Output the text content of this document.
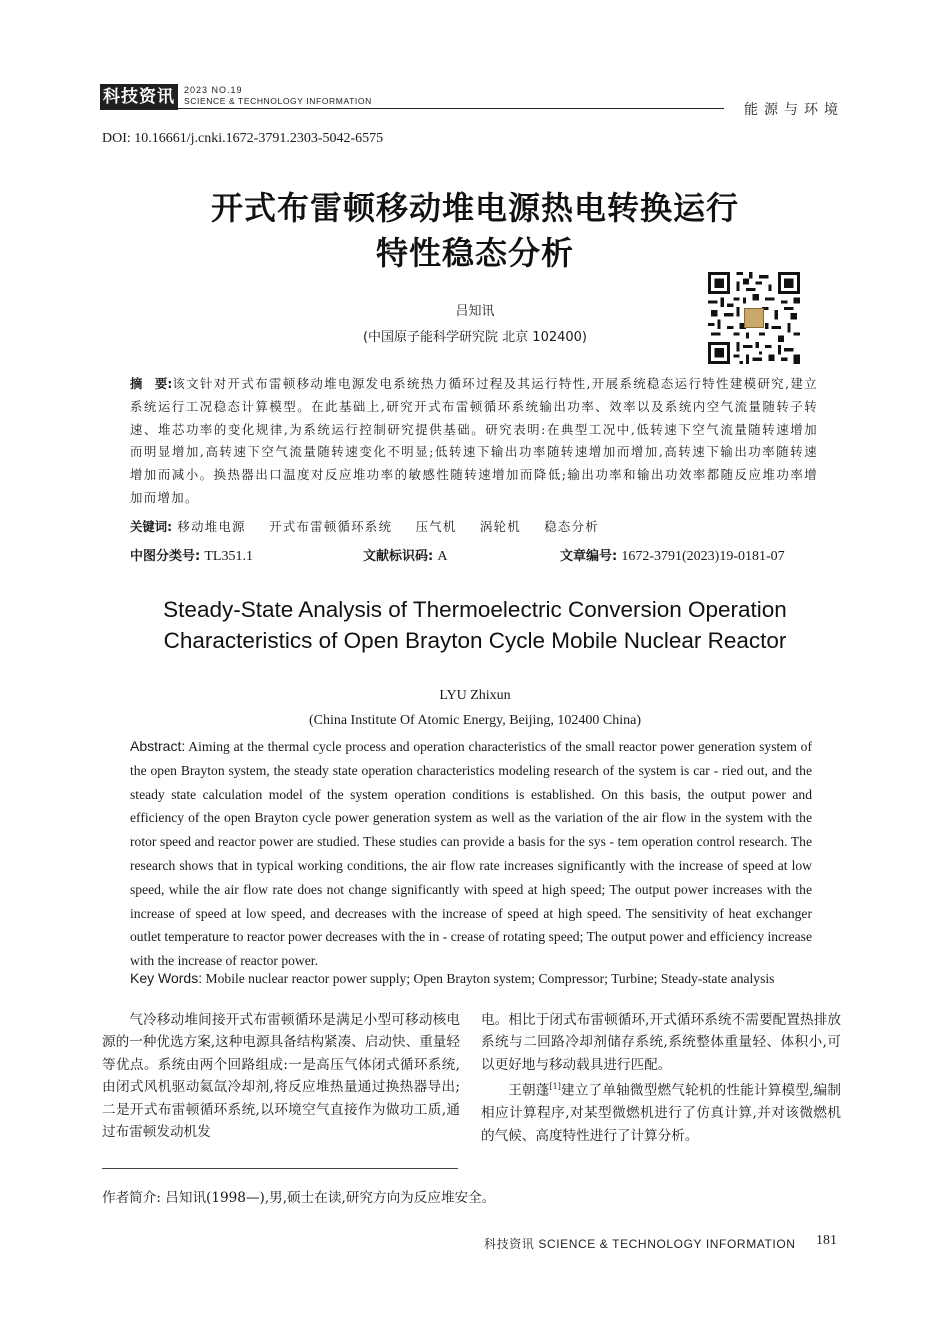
科技资讯	2023 NO.19
SCIENCE & TECHNOLOGY INFORMATION
能源与环境
DOI: 10.16661/j.cnki.1672-3791.2303-5042-6575
开式布雷顿移动堆电源热电转换运行
特性稳态分析
吕知讯
(中国原子能科学研究院 北京 102400)
摘　要:该文针对开式布雷顿移动堆电源发电系统热力循环过程及其运行特性,开展系统稳态运行特性建模研究,建立系统运行工况稳态计算模型。在此基础上,研究开式布雷顿循环系统输出功率、效率以及系统内空气流量随转子转速、堆芯功率的变化规律,为系统运行控制研究提供基础。研究表明:在典型工况中,低转速下空气流量随转速增加而明显增加,高转速下空气流量随转速变化不明显;低转速下输出功率随转速增加而增加,高转速下输出功率随转速增加而减小。换热器出口温度对反应堆功率的敏感性随转速增加而降低;输出功率和输出功效率都随反应堆功率增加而增加。
关键词: 移动堆电源 开式布雷顿循环系统 压气机 涡轮机 稳态分析
中图分类号: TL351.1	文献标识码: A	文章编号: 1672-3791(2023)19-0181-07
Steady-State Analysis of Thermoelectric Conversion Operation
Characteristics of Open Brayton Cycle Mobile Nuclear Reactor
LYU Zhixun
(China Institute Of Atomic Energy, Beijing, 102400 China)
Abstract: Aiming at the thermal cycle process and operation characteristics of the small reactor power generation system of the open Brayton system, the steady state operation characteristics modeling research of the system is car - ried out, and the steady state calculation model of the system operation conditions is established. On this basis, the output power and efficiency of the open Brayton cycle power generation system as well as the variation of the air flow in the system with the rotor speed and reactor power are studied. These studies can provide a basis for the sys - tem operation control research. The research shows that in typical working conditions, the air flow rate increases significantly with the increase of speed at low speed, while the air flow rate does not change significantly with speed at high speed; The output power increases with the increase of speed at low speed, and decreases with the increase of speed at high speed. The sensitivity of heat exchanger outlet temperature to reactor power decreases with the in - crease of rotating speed; The output power and efficiency increase with the increase of reactor power.
Key Words: Mobile nuclear reactor power supply; Open Brayton system; Compressor; Turbine; Steady-state analysis

气冷移动堆间接开式布雷顿循环是满足小型可移动核电源的一种优选方案,这种电源具备结构紧凑、启动快、重量轻等优点。系统由两个回路组成:一是高压气体闭式循环系统,由闭式风机驱动氦氙冷却剂,将反应堆热量通过换热器导出;二是开式布雷顿循环系统,以环境空气直接作为做功工质,通过布雷顿发动机发

电。相比于闭式布雷顿循环,开式循环系统不需要配置热排放系统与二回路冷却剂储存系统,系统整体重量轻、体积小,可以更好地与移动载具进行匹配。

王朝蓬[1]建立了单轴微型燃气轮机的性能计算模型,编制相应计算程序,对某型微燃机进行了仿真计算,并对该微燃机的气候、高度特性进行了计算分析。

作者简介: 吕知讯(1998—),男,硕士在读,研究方向为反应堆安全。
科技资讯 SCIENCE & TECHNOLOGY INFORMATION 181
